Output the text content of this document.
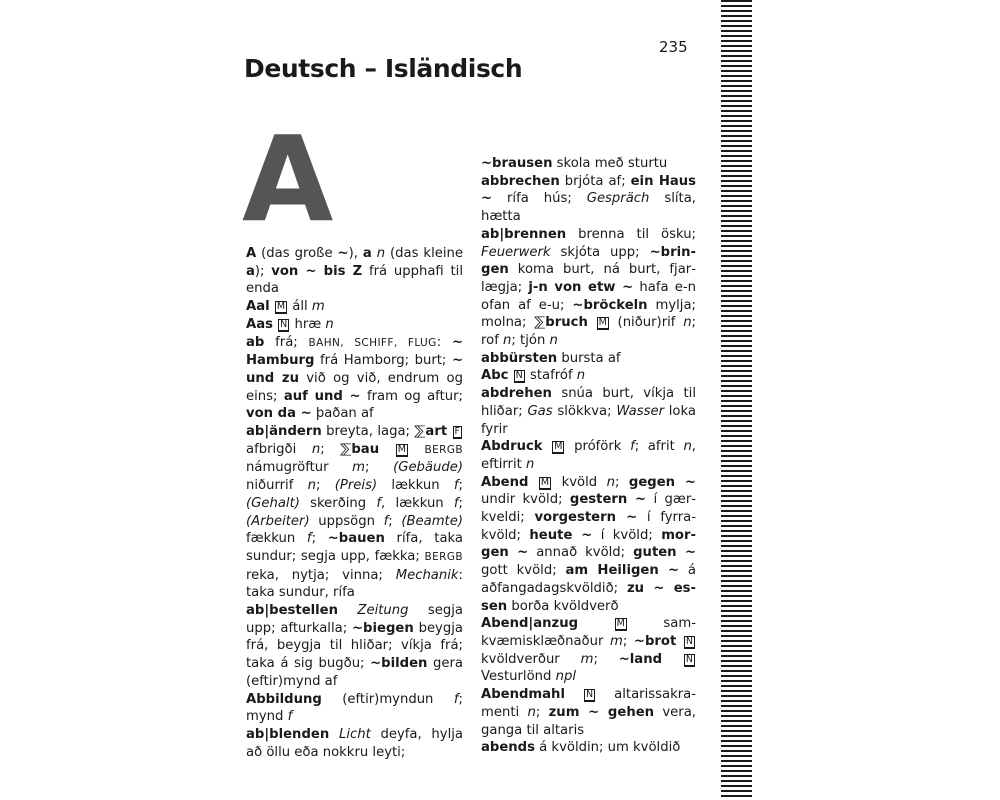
235
Deutsch – Isländisch
A
A (das große ~), a n (das kleine a); von ~ bis Z frá upphafi til enda
Aal M áll m
Aas N hræ n
ab frá; BAHN, SCHIFF, FLUG: ~ Hamburg frá Hamborg; burt; ~ und zu við og við, endrum og eins; auf und ~ fram og aftur; von da ~ þaðan af
ab|ändern breyta, laga; ⅀art F afbrigði n; ⅀bau M BERGB námugröftur m; (Gebäude) niðurrif n; (Preis) lækkun f; (Gehalt) skerðing f, lækkun f; (Arbeiter) uppsögn f; (Beamte) fækkun f; ~bauen rífa, taka sundur; segja upp, fækka; BERGB reka, nytja; vinna; Mechanik: taka sundur, rífa
ab|bestellen Zeitung segja upp; afturkalla; ~biegen beygja frá, beygja til hliðar; víkja frá; taka á sig bugðu; ~bilden gera (eftir)mynd af
Abbildung (eftir)myndun f; mynd f
ab|blenden Licht deyfa, hylja að öllu eða nokkru leyti;
~brausen skola með sturtu
abbrechen brjóta af; ein Haus ~ rífa hús; Gespräch slíta, hætta
ab|brennen brenna til ösku; Feuerwerk skjóta upp; ~bringen koma burt, ná burt, fjarlægja; j-n von etw ~ hafa e-n ofan af e-u; ~bröckeln mylja; molna; ⅀bruch M (niður)rif n; rof n; tjón n
abbürsten bursta af
Abc N stafróf n
abdrehen snúa burt, víkja til hliðar; Gas slökkva; Wasser loka fyrir
Abdruck M próförk f; afrit n, eftirrit n
Abend M kvöld n; gegen ~ undir kvöld; gestern ~ í gærkveldi; vorgestern ~ í fyrrakvöld; heute ~ í kvöld; morgen ~ annað kvöld; guten ~ gott kvöld; am Heiligen ~ á aðfangadagskvöldið; zu ~ essen borða kvöldverð
Abend|anzug	M samkvæmisklæðnaður m; ~brot N kvöldverður m; ~land	N Vesturlönd npl
Abendmahl N altarissakramenti n; zum ~ gehen vera, ganga til altaris
abends á kvöldin; um kvöldið
